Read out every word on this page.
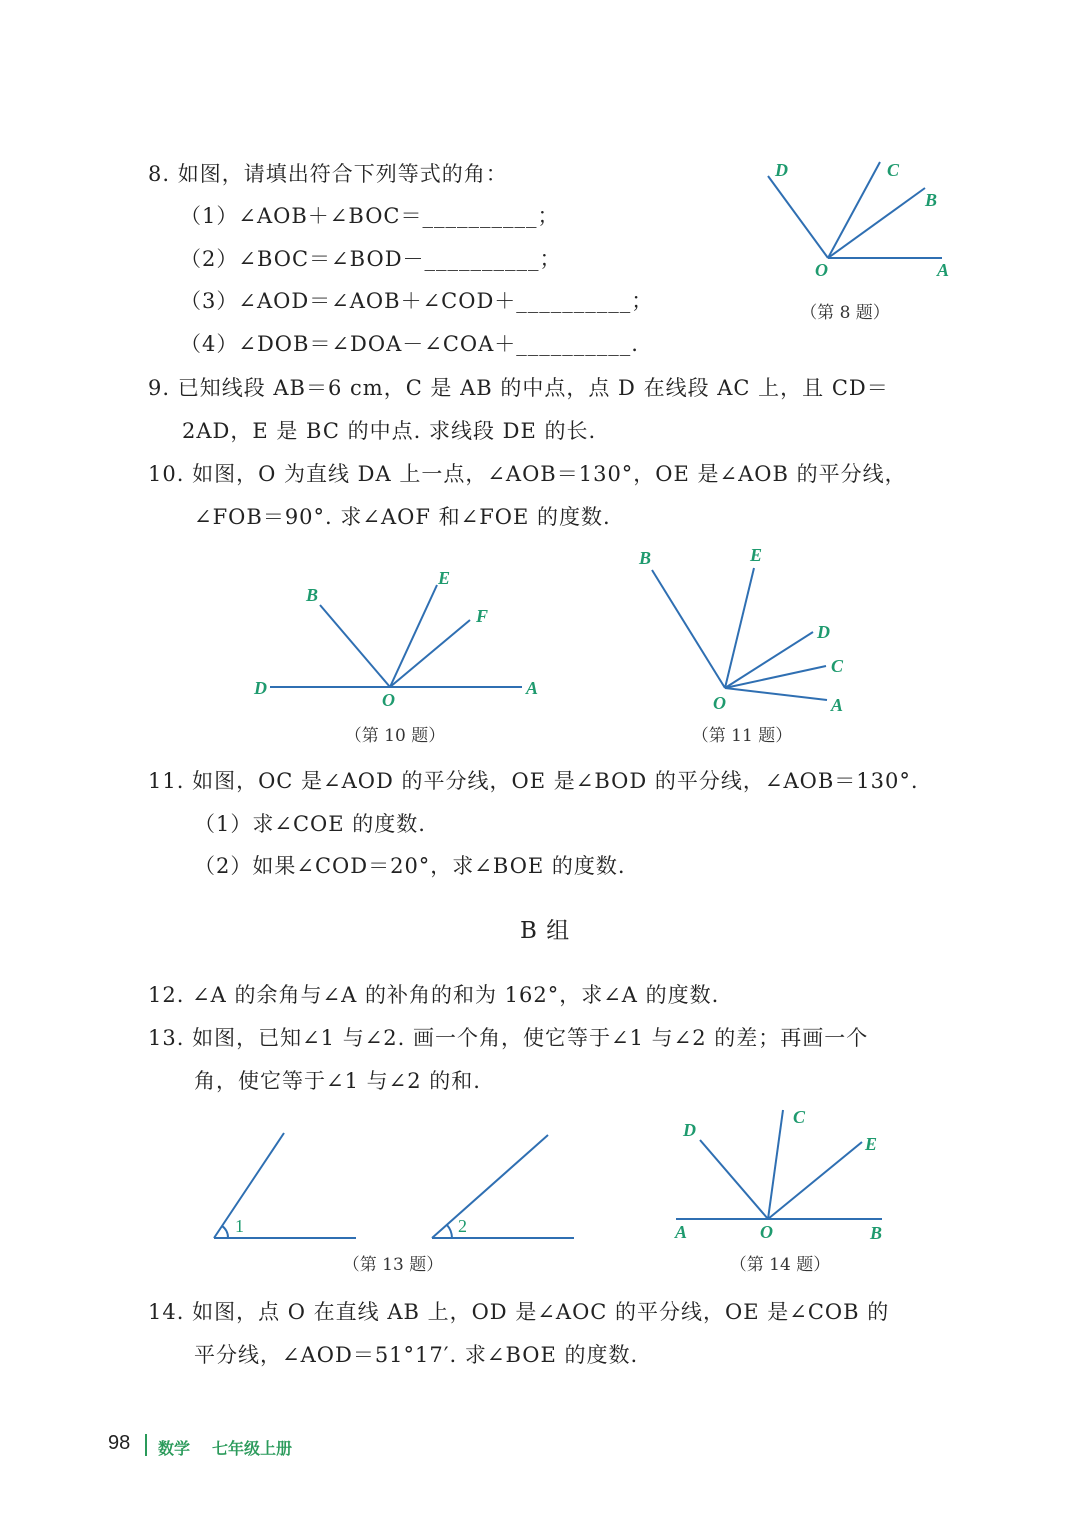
8. 如图，请填出符合下列等式的角：
（1）∠AOB＋∠BOC＝__________；
（2）∠BOC＝∠BOD－__________；
（3）∠AOD＝∠AOB＋∠COD＋__________；
（4）∠DOB＝∠DOA－∠COA＋__________.
9. 已知线段 AB＝6 cm，C 是 AB 的中点，点 D 在线段 AC 上，且 CD＝
2AD，E 是 BC 的中点. 求线段 DE 的长.
10. 如图，O 为直线 DA 上一点，∠AOB＝130°，OE 是∠AOB 的平分线，
∠FOB＝90°. 求∠AOF 和∠FOE 的度数.
11. 如图，OC 是∠AOD 的平分线，OE 是∠BOD 的平分线，∠AOB＝130°.
（1）求∠COE 的度数.
（2）如果∠COD＝20°，求∠BOE 的度数.
B 组
12. ∠A 的余角与∠A 的补角的和为 162°，求∠A 的度数.
13. 如图，已知∠1 与∠2. 画一个角，使它等于∠1 与∠2 的差；再画一个
角，使它等于∠1 与∠2 的和.
14. 如图，点 O 在直线 AB 上，OD 是∠AOC 的平分线，OE 是∠COB 的
平分线，∠AOD＝51°17′. 求∠BOE 的度数.
D	C
B
O	A
（第 8 题）
B
E
F
D
O
A
（第 10 题）
B	E
D
C
O	A
（第 11 题）
1	2
（第 13 题）
D
C
E
A	O	B
（第 14 题）
98 数学 七年级上册
